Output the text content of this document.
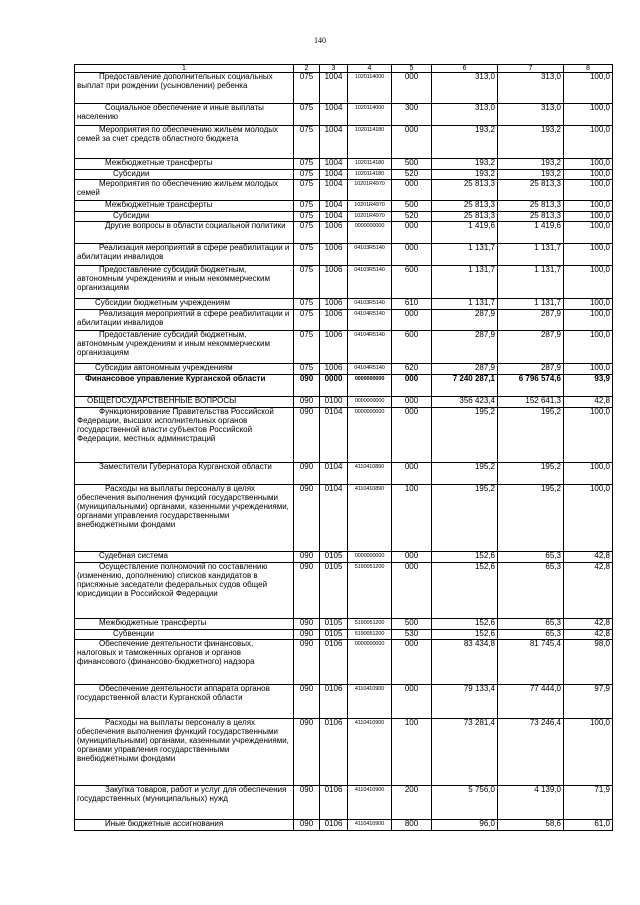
140
1	2	3	4	5	6	7	8
Предоставление дополнительных социальных выплат при рождении (усыновлении) ребенка	075	1004	1020114000	000	313,0	313,0	100,0
Социальное обеспечение и иные выплаты населению	075	1004	1020114000	300	313,0	313,0	100,0
Мероприятия по обеспечению жильем молодых семей за счет средств областного бюджета	075	1004	1020114180	000	193,2	193,2	100,0
Межбюджетные трансферты	075	1004	1020114180	500	193,2	193,2	100,0
Субсидии	075	1004	1020114180	520	193,2	193,2	100,0
Мероприятия по обеспечению жильем молодых семей	075	1004	10201R4970	000	25 813,3	25 813,3	100,0
Межбюджетные трансферты	075	1004	10201R4970	500	25 813,3	25 813,3	100,0
Субсидии	075	1004	10201R4970	520	25 813,3	25 813,3	100,0
Другие вопросы в области социальной политики	075	1006	0000000000	000	1 419,6	1 419,6	100,0
Реализация мероприятий в сфере реабилитации и абилитации инвалидов	075	1006	04103R5140	000	1 131,7	1 131,7	100,0
Предоставление субсидий бюджетным, автономным учреждениям и иным некоммерческим организациям	075	1006	04103R5140	600	1 131,7	1 131,7	100,0
Субсидии бюджетным учреждениям	075	1006	04103R5140	610	1 131,7	1 131,7	100,0
Реализация мероприятий в сфере реабилитации и абилитации инвалидов	075	1006	04104R5140	000	287,9	287,9	100,0
Предоставление субсидий бюджетным, автономным учреждениям и иным некоммерческим организациям	075	1006	04104R5140	600	287,9	287,9	100,0
Субсидии автономным учреждениям	075	1006	04104R5140	620	287,9	287,9	100,0
Финансовое управление Курганской области	090	0000	0000000000	000	7 240 287,1	6 796 574,6	93,9
ОБЩЕГОСУДАРСТВЕННЫЕ ВОПРОСЫ	090	0100	0000000000	000	356 423,4	152 641,3	42,8
Функционирование Правительства Российской Федерации, высших исполнительных органов государственной власти субъектов Российской Федерации, местных администраций	090	0104	0000000000	000	195,2	195,2	100,0
Заместители Губернатора Курганской области	090	0104	4110410890	000	195,2	195,2	100,0
Расходы на выплаты персоналу в целях обеспечения выполнения функций государственными (муниципальными) органами, казенными учреждениями, органами управления государственными внебюджетными фондами	090	0104	4110410890	100	195,2	195,2	100,0
Судебная система	090	0105	0000000000	000	152,6	65,3	42,8
Осуществление полномочий по составлению (изменению, дополнению) списков кандидатов в присяжные заседатели федеральных судов общей юрисдикции в Российской Федерации	090	0105	5190051200	000	152,6	65,3	42,8
Межбюджетные трансферты	090	0105	5190051200	500	152,6	65,3	42,8
Субвенции	090	0105	5190051200	530	152,6	65,3	42,8
Обеспечение деятельности финансовых, налоговых и таможенных органов и органов финансового (финансово-бюджетного) надзора	090	0106	0000000000	000	83 434,8	81 745,4	98,0
Обеспечение деятельности аппарата органов государственной власти Курганской области	090	0106	4110410900	000	79 133,4	77 444,0	97,9
Расходы на выплаты персоналу в целях обеспечения выполнения функций государственными (муниципальными) органами, казенными учреждениями, органами управления государственными внебюджетными фондами	090	0106	4110410900	100	73 281,4	73 246,4	100,0
Закупка товаров, работ и услуг для обеспечения государственных (муниципальных) нужд	090	0106	4110410900	200	5 756,0	4 139,0	71,9
Иные бюджетные ассигнования	090	0106	4110410900	800	96,0	58,6	61,0
